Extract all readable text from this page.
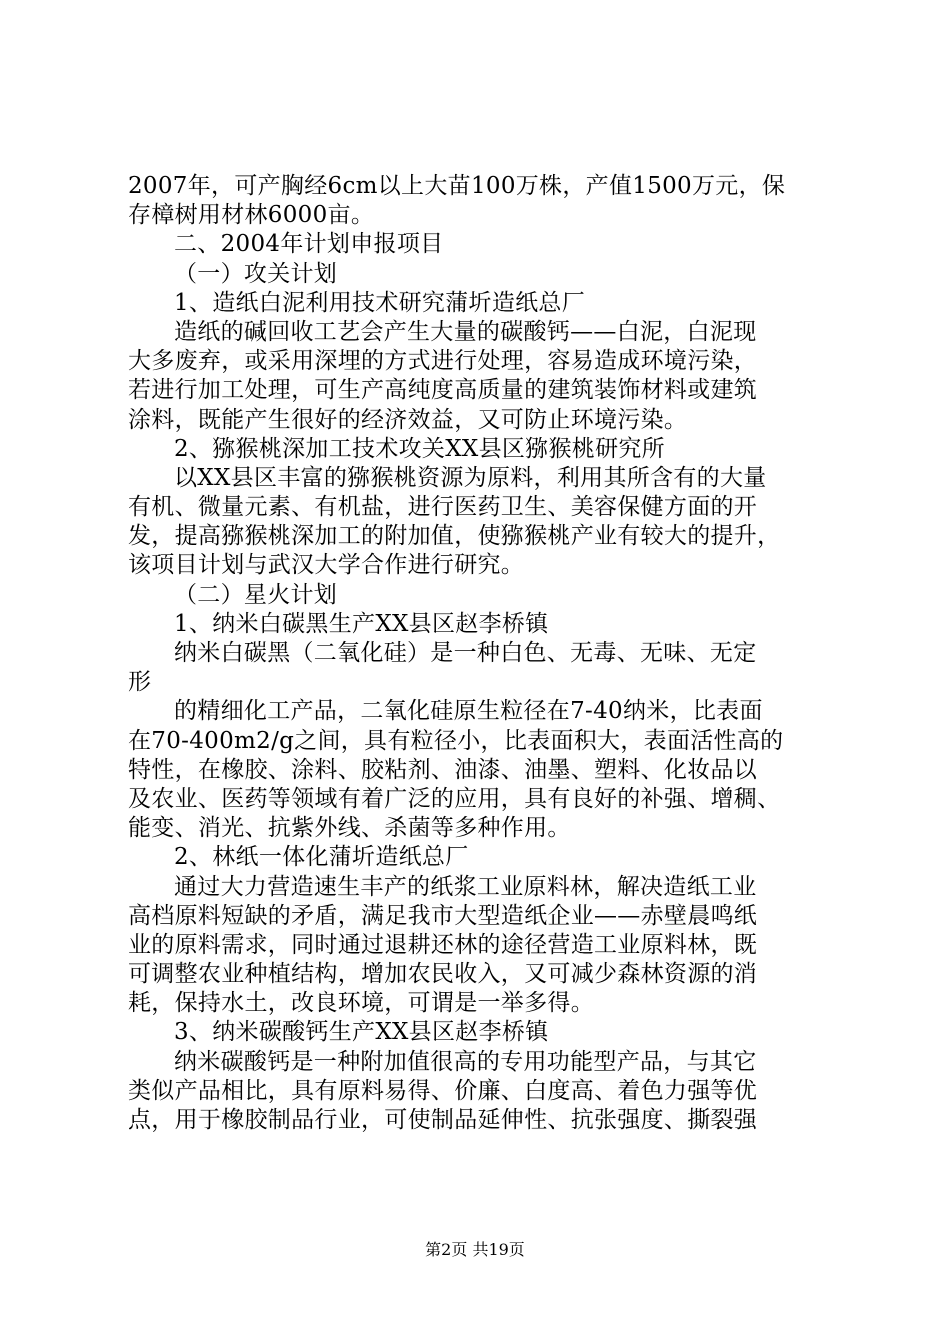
2007年，可产胸经6cm以上大苗100万株，产值1500万元，保
存樟树用材林6000亩。
二、2004年计划申报项目
（一）攻关计划
1、造纸白泥利用技术研究蒲圻造纸总厂
造纸的碱回收工艺会产生大量的碳酸钙——白泥，白泥现
大多废弃，或采用深埋的方式进行处理，容易造成环境污染，
若进行加工处理，可生产高纯度高质量的建筑装饰材料或建筑
涂料，既能产生很好的经济效益，又可防止环境污染。
2、猕猴桃深加工技术攻关XX县区猕猴桃研究所
以XX县区丰富的猕猴桃资源为原料，利用其所含有的大量
有机、微量元素、有机盐，进行医药卫生、美容保健方面的开
发，提高猕猴桃深加工的附加值，使猕猴桃产业有较大的提升，
该项目计划与武汉大学合作进行研究。
（二）星火计划
1、纳米白碳黑生产XX县区赵李桥镇
纳米白碳黑（二氧化硅）是一种白色、无毒、无味、无定
形
的精细化工产品，二氧化硅原生粒径在7-40纳米，比表面
在70-400m2/g之间，具有粒径小，比表面积大，表面活性高的
特性，在橡胶、涂料、胶粘剂、油漆、油墨、塑料、化妆品以
及农业、医药等领域有着广泛的应用，具有良好的补强、增稠、
能变、消光、抗紫外线、杀菌等多种作用。
2、林纸一体化蒲圻造纸总厂
通过大力营造速生丰产的纸浆工业原料林，解决造纸工业
高档原料短缺的矛盾，满足我市大型造纸企业——赤壁晨鸣纸
业的原料需求，同时通过退耕还林的途径营造工业原料林，既
可调整农业种植结构，增加农民收入，又可减少森林资源的消
耗，保持水土，改良环境，可谓是一举多得。
3、纳米碳酸钙生产XX县区赵李桥镇
纳米碳酸钙是一种附加值很高的专用功能型产品，与其它
类似产品相比，具有原料易得、价廉、白度高、着色力强等优
点，用于橡胶制品行业，可使制品延伸性、抗张强度、撕裂强
第2页 共19页
